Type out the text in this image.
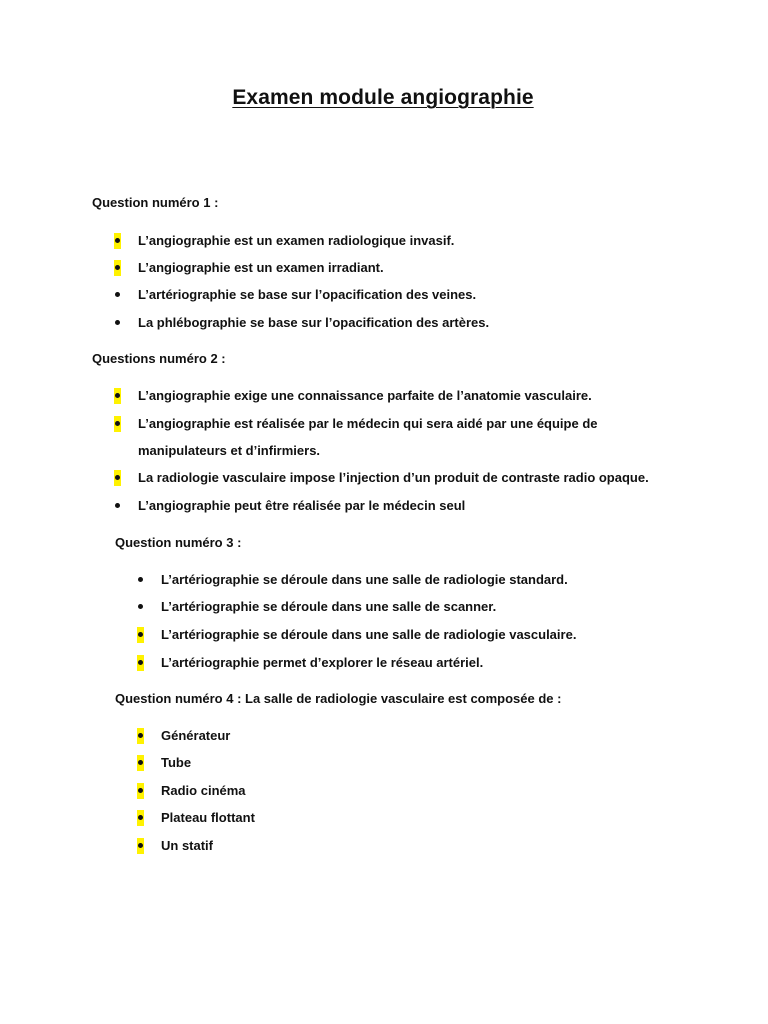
Examen module angiographie
Question numéro 1 :
L’angiographie est un examen radiologique invasif.
L’angiographie est un examen irradiant.
L’artériographie se base sur l’opacification des veines.
La phlébographie se base sur l’opacification des artères.
Questions numéro 2 :
L’angiographie exige une connaissance parfaite de l’anatomie vasculaire.
L’angiographie est réalisée par le médecin qui sera aidé par une équipe de
manipulateurs et d’infirmiers.
La radiologie vasculaire impose l’injection d’un produit de contraste radio opaque.
L’angiographie peut être réalisée par le médecin seul
Question numéro 3 :
L’artériographie se déroule dans une salle de radiologie standard.
L’artériographie se déroule dans une salle de scanner.
L’artériographie se déroule dans une salle de radiologie vasculaire.
L’artériographie permet d’explorer le réseau artériel.
Question numéro 4 : La salle de radiologie vasculaire est composée de :
Générateur
Tube
Radio cinéma
Plateau flottant
Un statif
